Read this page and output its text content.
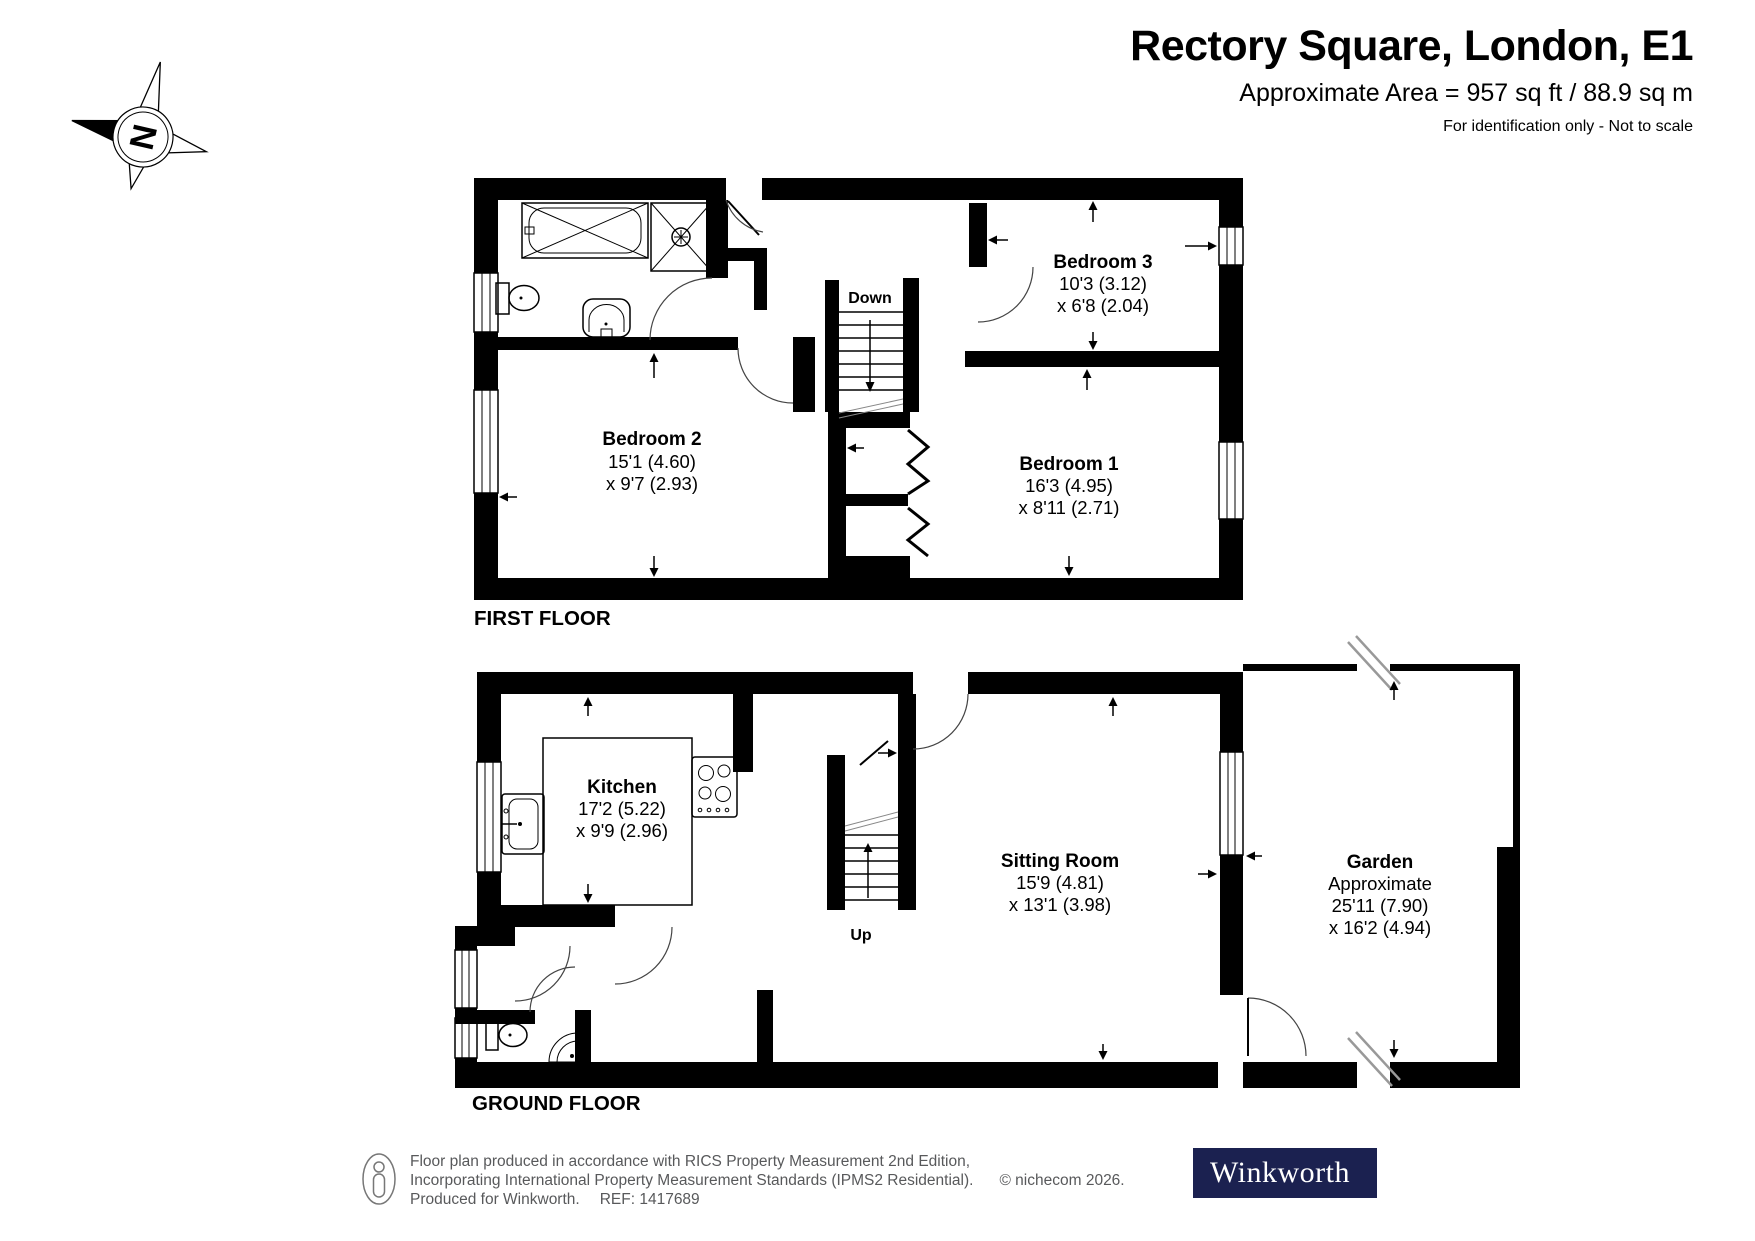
Rectory Square, London, E1
Approximate Area = 957 sq ft / 88.9 sq m
For identification only - Not to scale
N
Down
Bedroom 2
15'1 (4.60)
x 9'7 (2.93)
Bedroom 1
16'3 (4.95)
x 8'11 (2.71)
Bedroom 3
10'3 (3.12)
x 6'8 (2.04)
FIRST FLOOR
Up
Kitchen
17'2 (5.22)
x 9'9 (2.96)
Sitting Room
15'9 (4.81)
x 13'1 (3.98)
GROUND FLOOR
Garden
Approximate
25'11 (7.90)
x 16'2 (4.94)
Floor plan produced in accordance with RICS Property Measurement 2nd Edition,
Incorporating International Property Measurement Standards (IPMS2 Residential). © nichecom 2026.
Produced for Winkworth. REF: 1417689
Winkworth
